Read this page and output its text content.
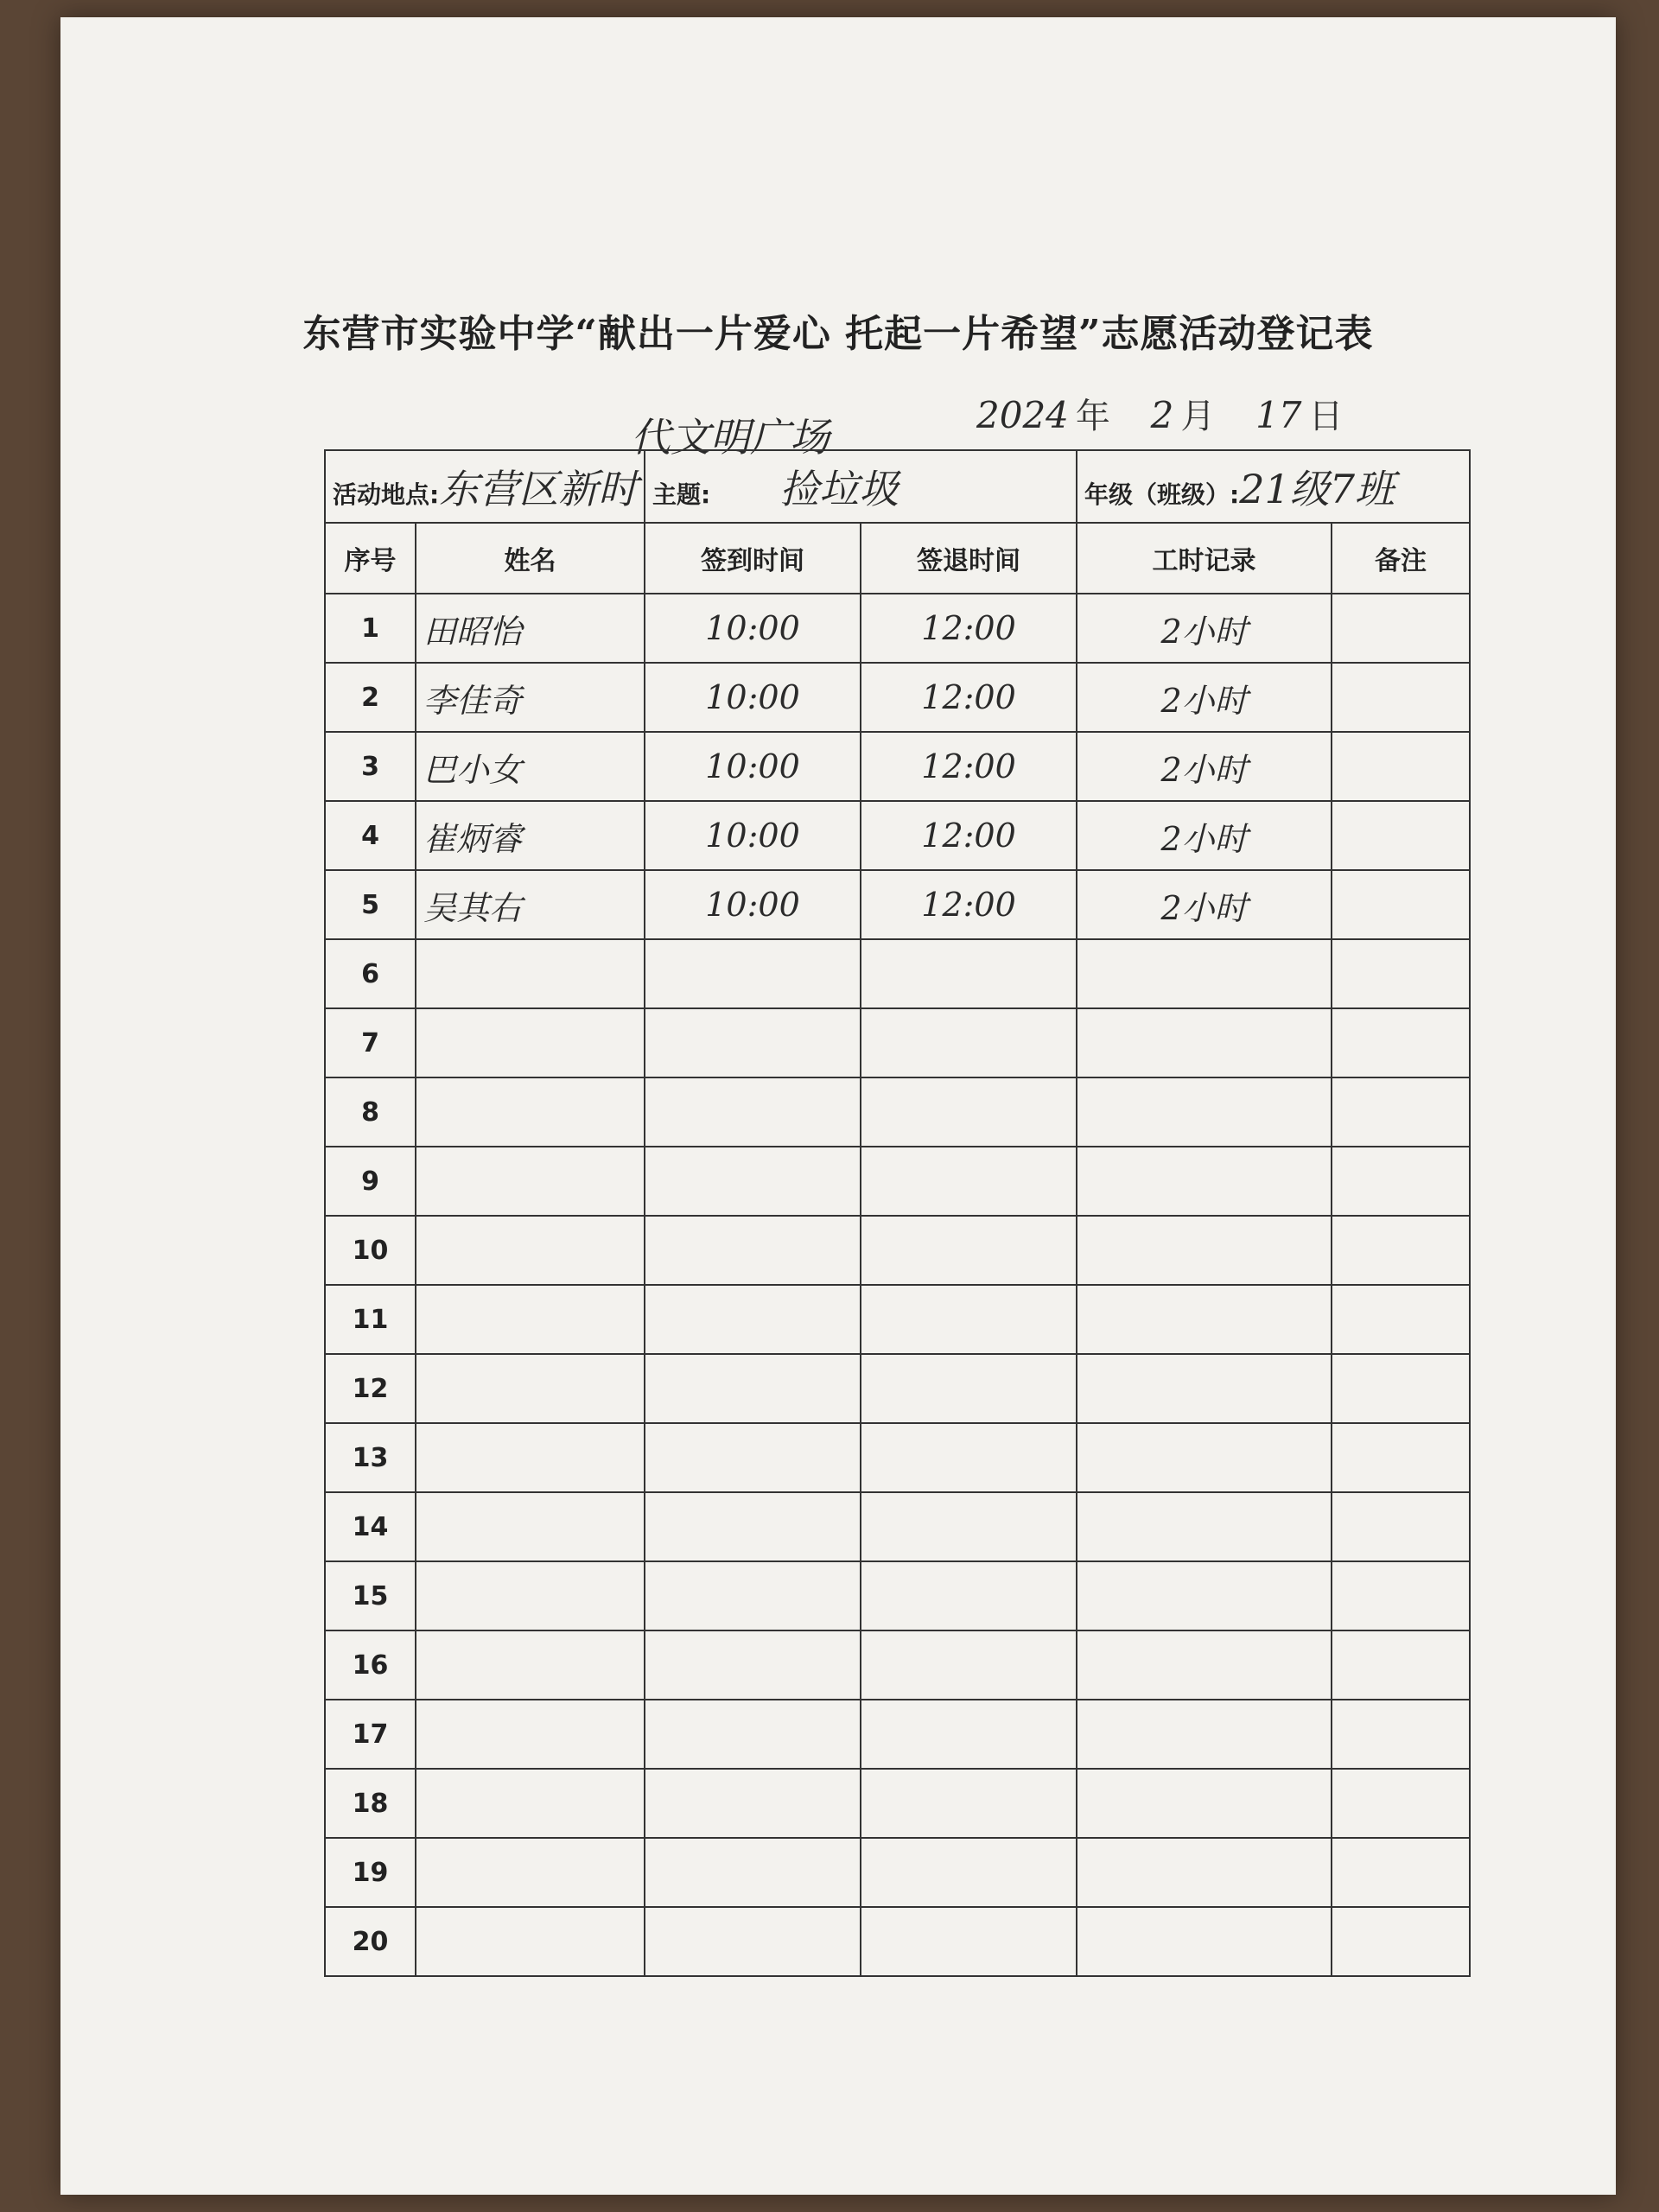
东营市实验中学“献出一片爱心 托起一片希望”志愿活动登记表
代文明广场	2024 年 2 月 17 日
活动地点:东营区新时		主题: 捡垃圾		年级（班级）:21级7班	
序号	姓名	签到时间	签退时间	工时记录	备注
1	田昭怡	10:00	12:00	2小时	
2	李佳奇	10:00	12:00	2小时	
3	巴小女	10:00	12:00	2小时	
4	崔炳睿	10:00	12:00	2小时	
5	吴其右	10:00	12:00	2小时	
6					
7					
8					
9					
10					
11					
12					
13					
14					
15					
16					
17					
18					
19					
20					
